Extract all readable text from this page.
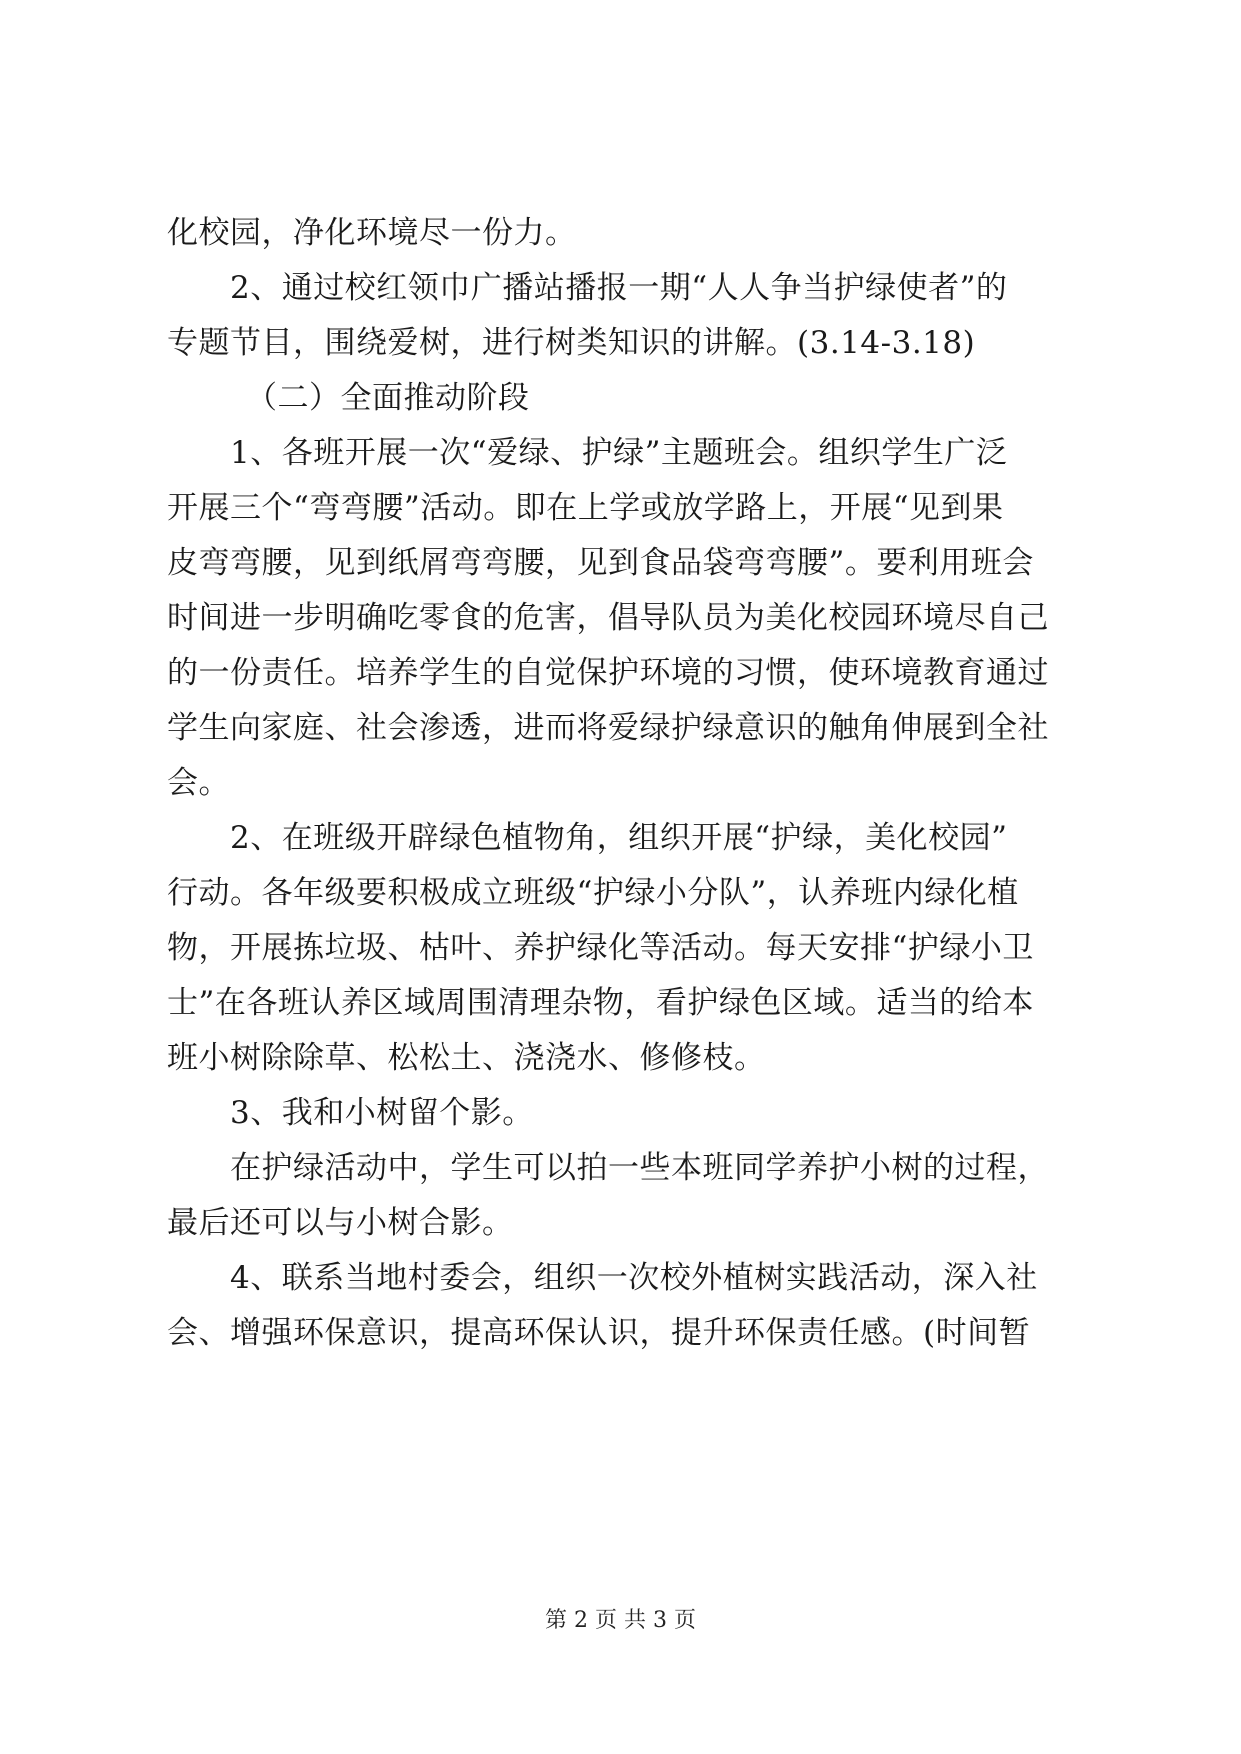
化校园，净化环境尽一份力。
2、通过校红领巾广播站播报一期“人人争当护绿使者”的
专题节目，围绕爱树，进行树类知识的讲解。(3.14-3.18)
（二）全面推动阶段
1、各班开展一次“爱绿、护绿”主题班会。组织学生广泛
开展三个“弯弯腰”活动。即在上学或放学路上，开展“见到果
皮弯弯腰，见到纸屑弯弯腰，见到食品袋弯弯腰”。要利用班会
时间进一步明确吃零食的危害，倡导队员为美化校园环境尽自己
的一份责任。培养学生的自觉保护环境的习惯，使环境教育通过
学生向家庭、社会渗透，进而将爱绿护绿意识的触角伸展到全社
会。
2、在班级开辟绿色植物角，组织开展“护绿，美化校园”
行动。各年级要积极成立班级“护绿小分队”，认养班内绿化植
物，开展拣垃圾、枯叶、养护绿化等活动。每天安排“护绿小卫
士”在各班认养区域周围清理杂物，看护绿色区域。适当的给本
班小树除除草、松松土、浇浇水、修修枝。
3、我和小树留个影。
在护绿活动中，学生可以拍一些本班同学养护小树的过程，
最后还可以与小树合影。
4、联系当地村委会，组织一次校外植树实践活动，深入社
会、增强环保意识，提高环保认识，提升环保责任感。(时间暂
第 2 页 共 3 页
